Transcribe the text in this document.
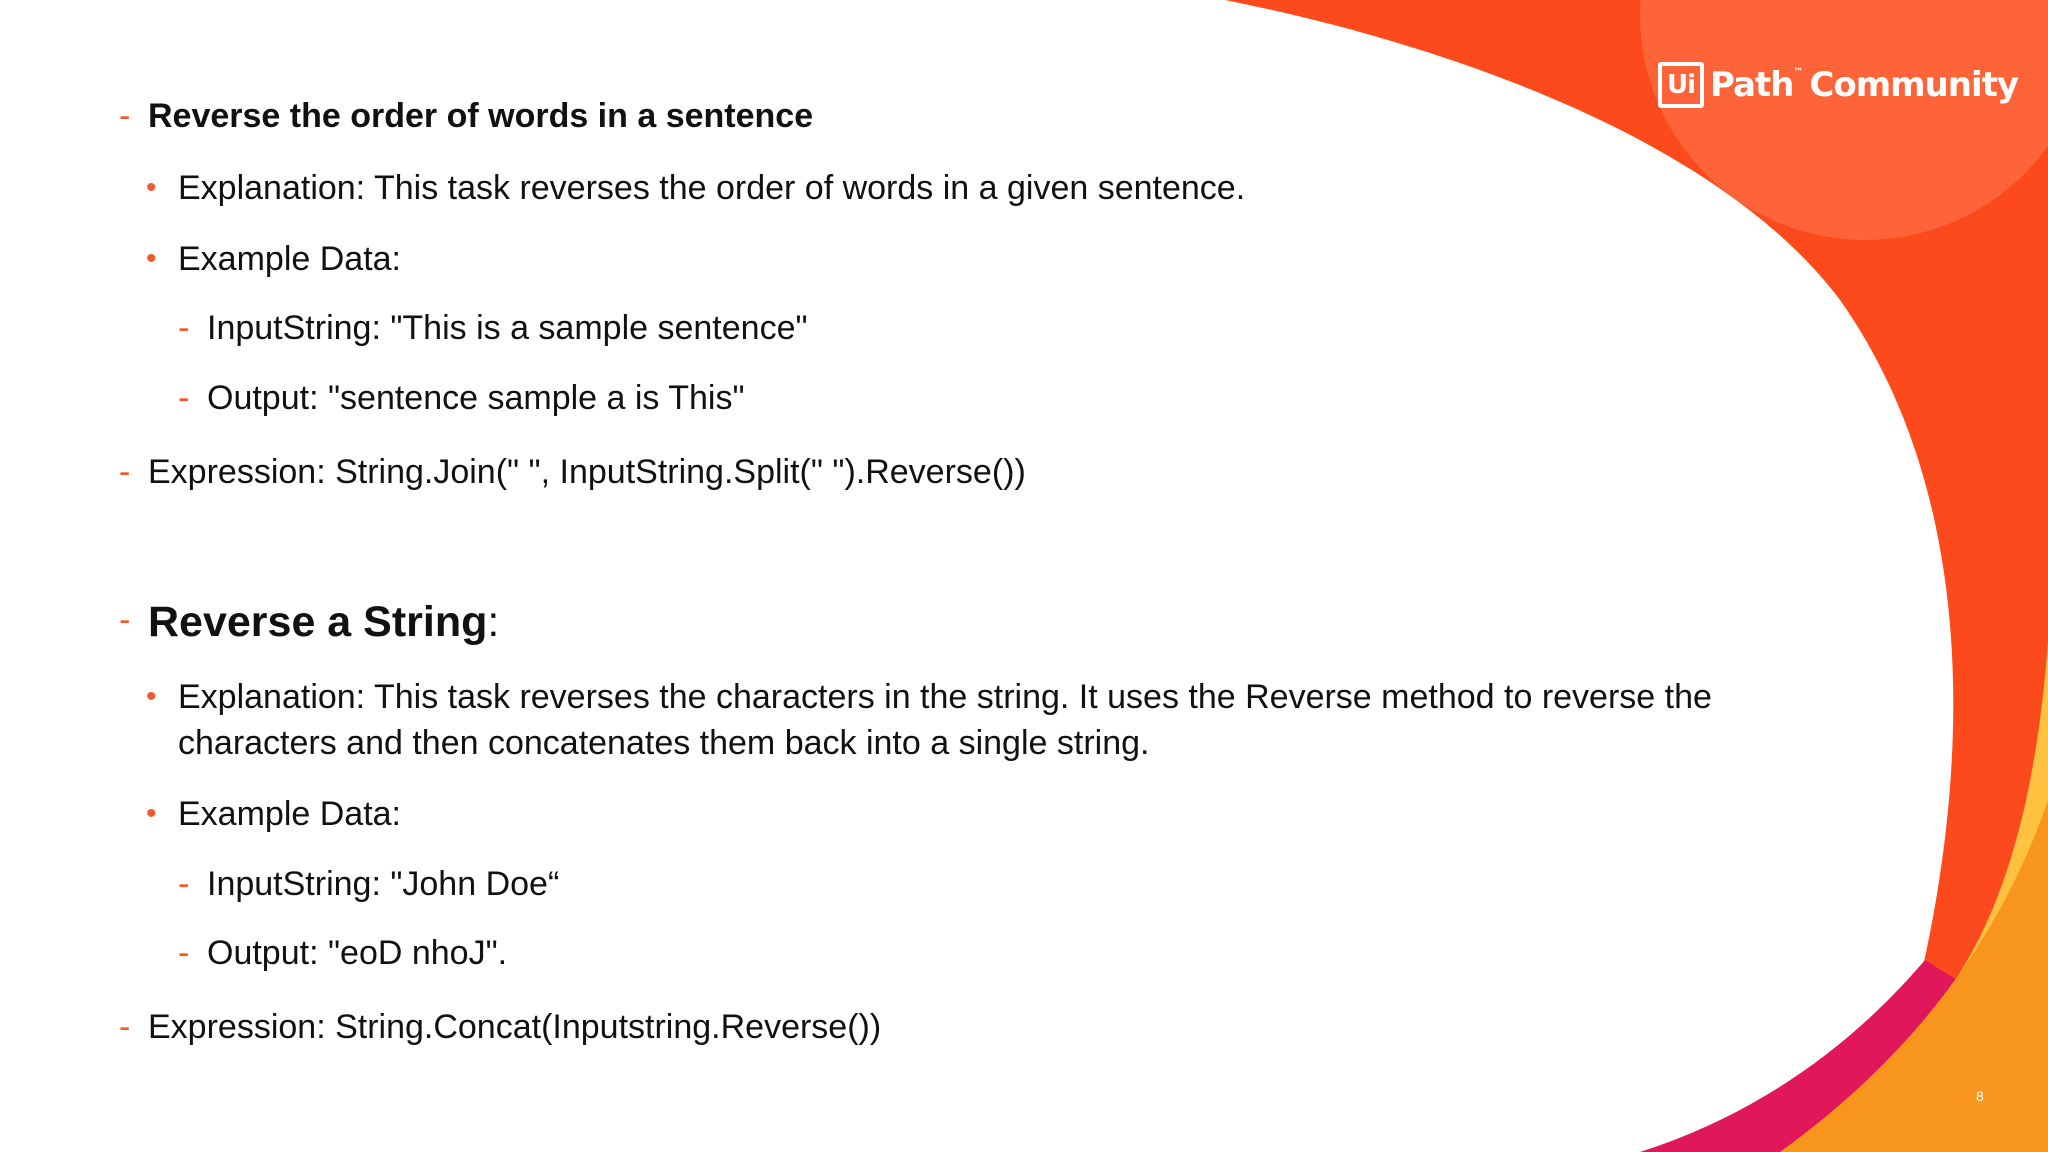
Ui Path ™ Community
- Reverse the order of words in a sentence
• Explanation: This task reverses the order of words in a given sentence.
• Example Data:
- InputString: "This is a sample sentence"
- Output: "sentence sample a is This"
- Expression: String.Join(" ", InputString.Split(" ").Reverse())
- Reverse a String:
• Explanation: This task reverses the characters in the string. It uses the Reverse method to reverse the
characters and then concatenates them back into a single string.
• Example Data:
- InputString: "John Doe“
- Output: "eoD nhoJ".
- Expression: String.Concat(Inputstring.Reverse())
8
